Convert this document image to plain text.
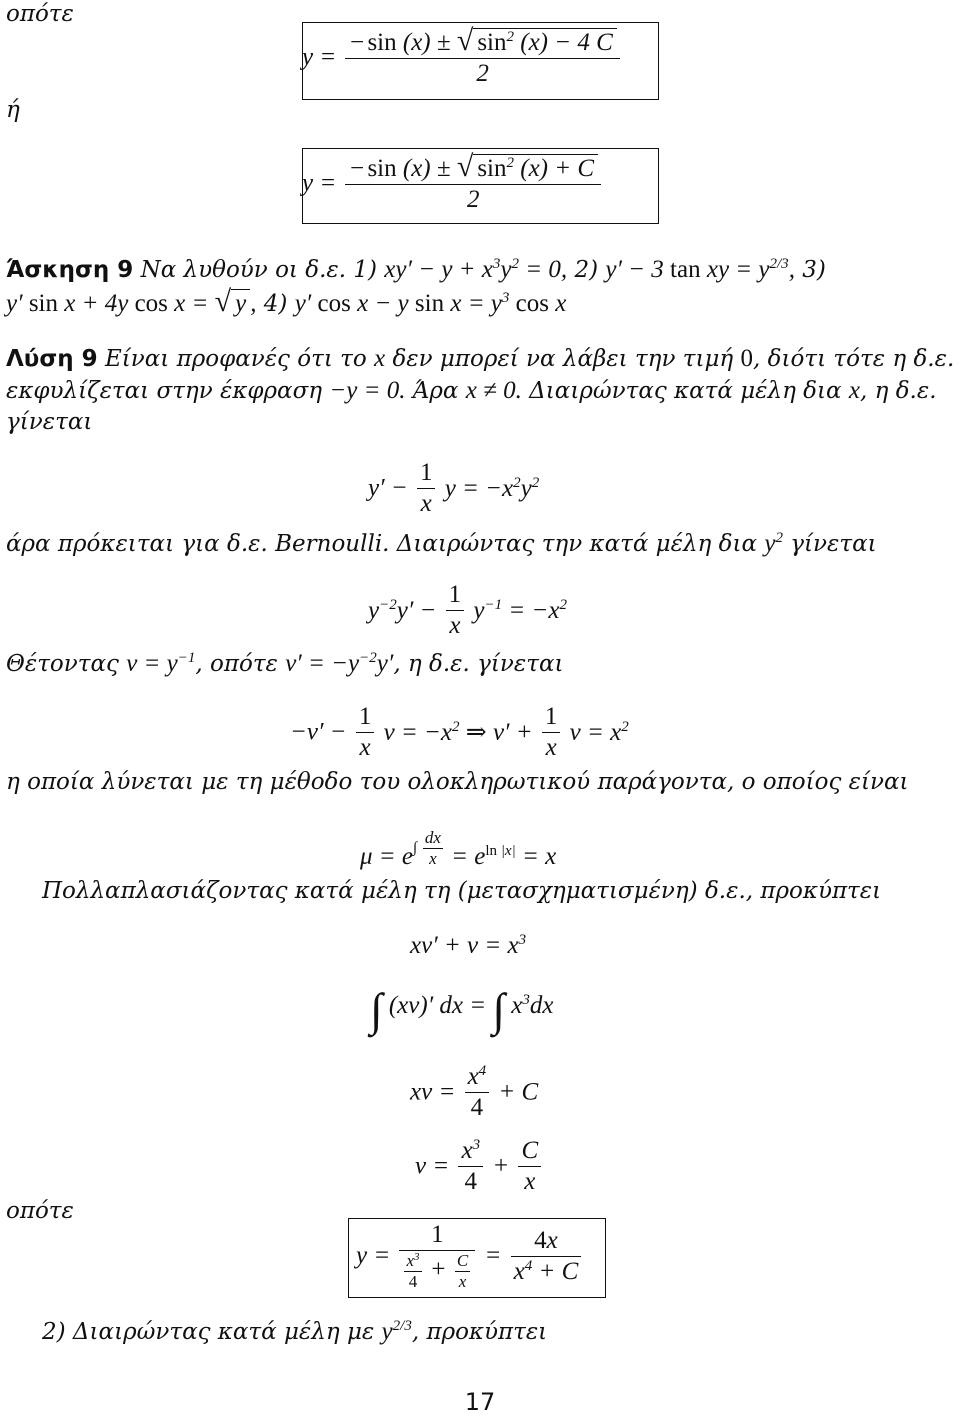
οπότε
$y = \frac{- \sin (x) \pm √ \sin^2 (x) - 4 C}{2}$
ή
$y = \frac{- \sin (x) \pm √ \sin^2 (x) + C}{2}$
Άσκηση 9 Να λυθούν οι δ.ε. 1) $xy' - y + x^3y^2 = 0$, 2) y′ − 3 tan xy = $y^{2/3}$, 3)
y′ sin x + 4y cos x = √ y , 4) y′ cos x − y $\sin x = y^3$ cos x
Λύση 9 Είναι προφανές ότι το x δεν μπορεί να λάβει την τιμή 0, διότι τότε η δ.ε.
εκφυλίζεται στην έκφραση −y = 0. Άρα x ≠ 0. Διαιρώντας κατά μέλη δια x, η δ.ε.
γίνεται
$y' - \frac{1}{x}$ $y = -x^2y^2$
άρα πρόκειται για δ.ε. Bernoulli. Διαιρώντας την κατά μέλη δια $y^2$ γίνεται
$y^{-2}y' - \frac{1}{x} y^{-1} = -x^2$
Θέτοντας $\nu = y^{-1}$, οπότε $\nu' = -y^{-2}y'$, η δ.ε. γίνεται
$-\nu' - \frac{1}{x}$ $\nu = -x^2$ ⇒ $\nu' + \frac{1}{x}$ $\nu = x^2$
η οποία λύνεται με τη μέθοδο του ολοκληρωτικού παράγοντα, ο οποίος είναι
$\mu = e^{\int \frac{dx}{x}} = e^{ln |x|} = x$
Πολλαπλασιάζοντας κατά μέλη τη (μετασχηματισμένη) δ.ε., προκύπτει
$x\nu' + \nu = x^3$
∫ (xν)′ dx = ∫ $x^3dx$
$x\nu = \frac{x^4}{4} + C$
$\nu = \frac{x^3}{4} + \frac{C}{x}$
οπότε
$y = \frac{1}{\frac{x^3}{4} + \frac{C}{x}} = \frac{4x}{x^4 + C}$
2) Διαιρώντας κατά μέλη με $y^{2/3}$, προκύπτει
17
